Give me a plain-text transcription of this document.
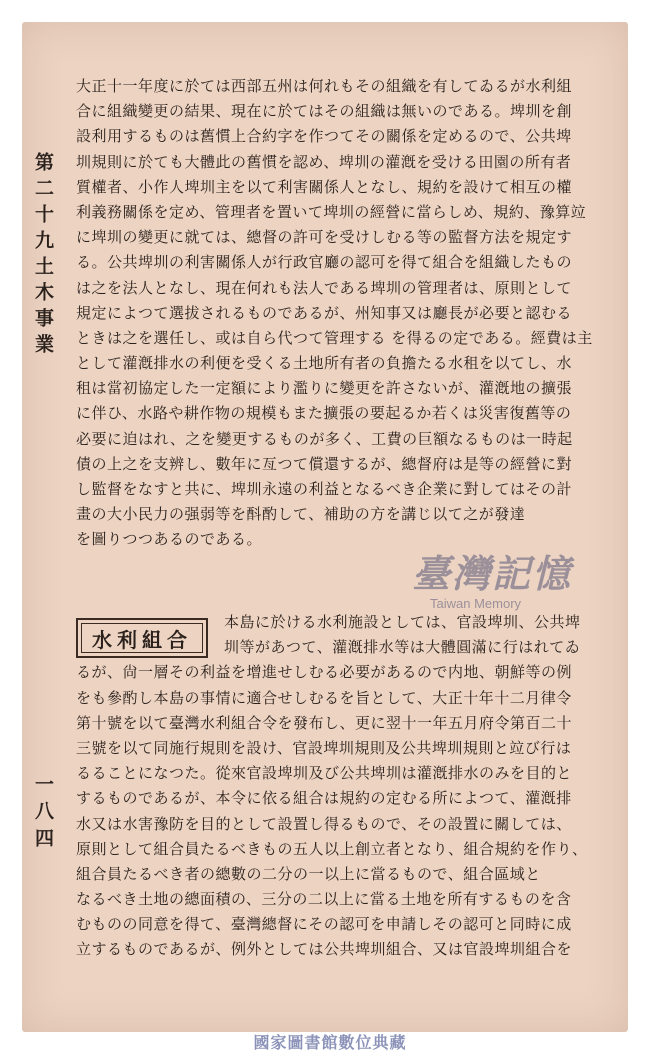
第二十九土木事業
一八四
大正十一年度に於ては西部五州は何れもその組織を有してゐるが水利組
合に組織變更の結果、現在に於てはその組織は無いのである。埤圳を創
設利用するものは舊慣上合約字を作つてその關係を定めるので、公共埤
圳規則に於ても大體此の舊慣を認め、埤圳の灌漑を受ける田園の所有者
質權者、小作人埤圳主を以て利害關係人となし、規約を設けて相互の權
利義務關係を定め、管理者を置いて埤圳の經營に當らしめ、規約、豫算竝
に埤圳の變更に就ては、總督の許可を受けしむる等の監督方法を規定す
る。公共埤圳の利害關係人が行政官廳の認可を得て組合を組織したもの
は之を法人となし、現在何れも法人である埤圳の管理者は、原則として
規定によつて選拔されるものであるが、州知事又は廳長が必要と認むる
ときは之を選任し、或は自ら代つて管理する を得るの定である。經費は主
として灌漑排水の利便を受くる土地所有者の負擔たる水租を以てし、水
租は當初協定した一定額により濫りに變更を許さないが、灌漑地の擴張
に伴ひ、水路や耕作物の規模もまた擴張の要起るか若くは災害復舊等の
必要に迫はれ、之を變更するものが多く、工費の巨額なるものは一時起
債の上之を支辨し、數年に亙つて償還するが、總督府は是等の經營に對
し監督をなすと共に、埤圳永遠の利益となるべき企業に對してはその計
畫の大小民力の强弱等を酙酌して、補助の方を講じ以て之が發達
を圖りつつあるのである。
水利組合
本島に於ける水利施設としては、官設埤圳、公共埤
圳等があつて、灌漑排水等は大體圓滿に行はれてゐ
るが、尙一層その利益を增進せしむる必要があるので内地、朝鮮等の例
をも參酌し本島の事情に適合せしむるを旨として、大正十年十二月律令
第十號を以て臺灣水利組合令を發布し、更に翌十一年五月府令第百二十
三號を以て同施行規則を設け、官設埤圳規則及公共埤圳規則と竝び行は
るることになつた。從來官設埤圳及び公共埤圳は灌漑排水のみを目的と
するものであるが、本令に依る組合は規約の定むる所によつて、灌漑排
水又は水害豫防を目的として設置し得るもので、その設置に關しては、
原則として組合員たるべきもの五人以上創立者となり、組合規約を作り、
組合員たるべき者の總數の二分の一以上に當るもので、組合區域と
なるべき土地の總面積の、三分の二以上に當る土地を所有するものを含
むものの同意を得て、臺灣總督にその認可を申請しその認可と同時に成
立するものであるが、例外としては公共埤圳組合、又は官設埤圳組合を
臺灣記憶
Taiwan Memory
國家圖書館數位典藏
